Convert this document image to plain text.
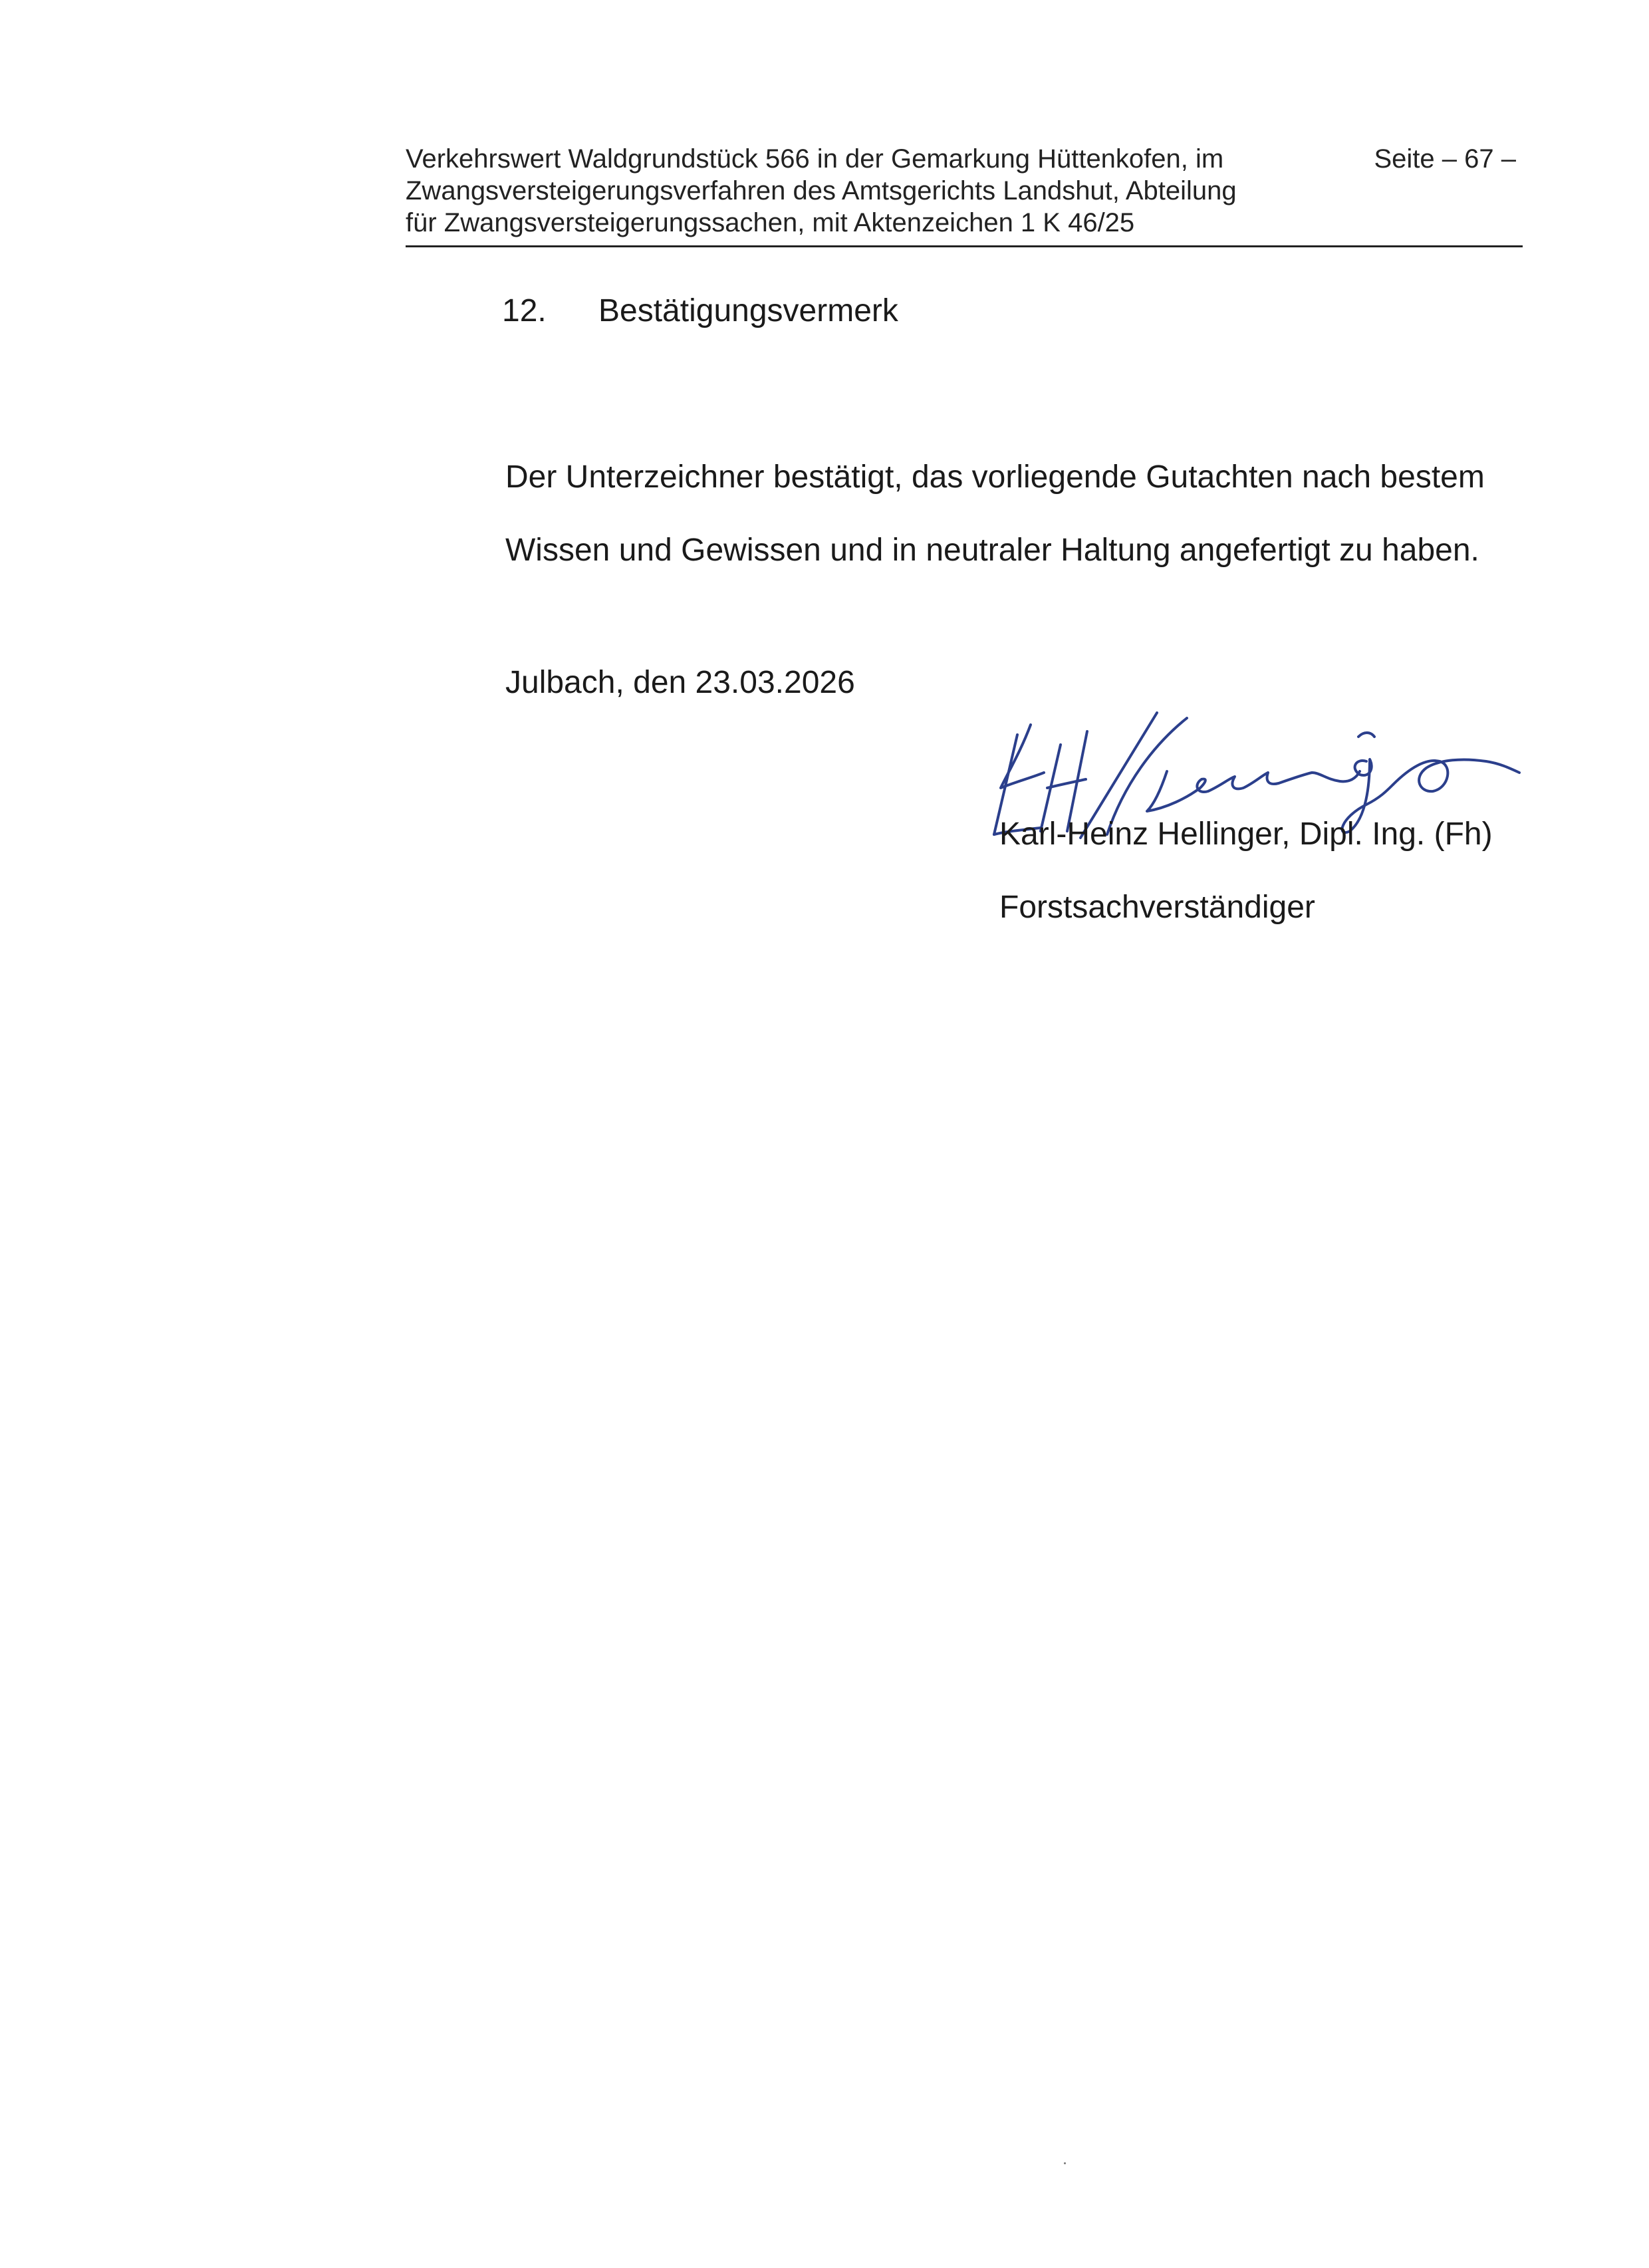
Verkehrswert Waldgrundstück 566 in der Gemarkung Hüttenkofen, im
Zwangsversteigerungsverfahren des Amtsgerichts Landshut, Abteilung
für Zwangsversteigerungssachen, mit Aktenzeichen 1 K 46/25
Seite – 67 –
12. Bestätigungsvermerk
Der Unterzeichner bestätigt, das vorliegende Gutachten nach bestem
Wissen und Gewissen und in neutraler Haltung angefertigt zu haben.
Julbach, den 23.03.2026
Karl-Heinz Hellinger, Dipl. Ing. (Fh)
Forstsachverständiger
